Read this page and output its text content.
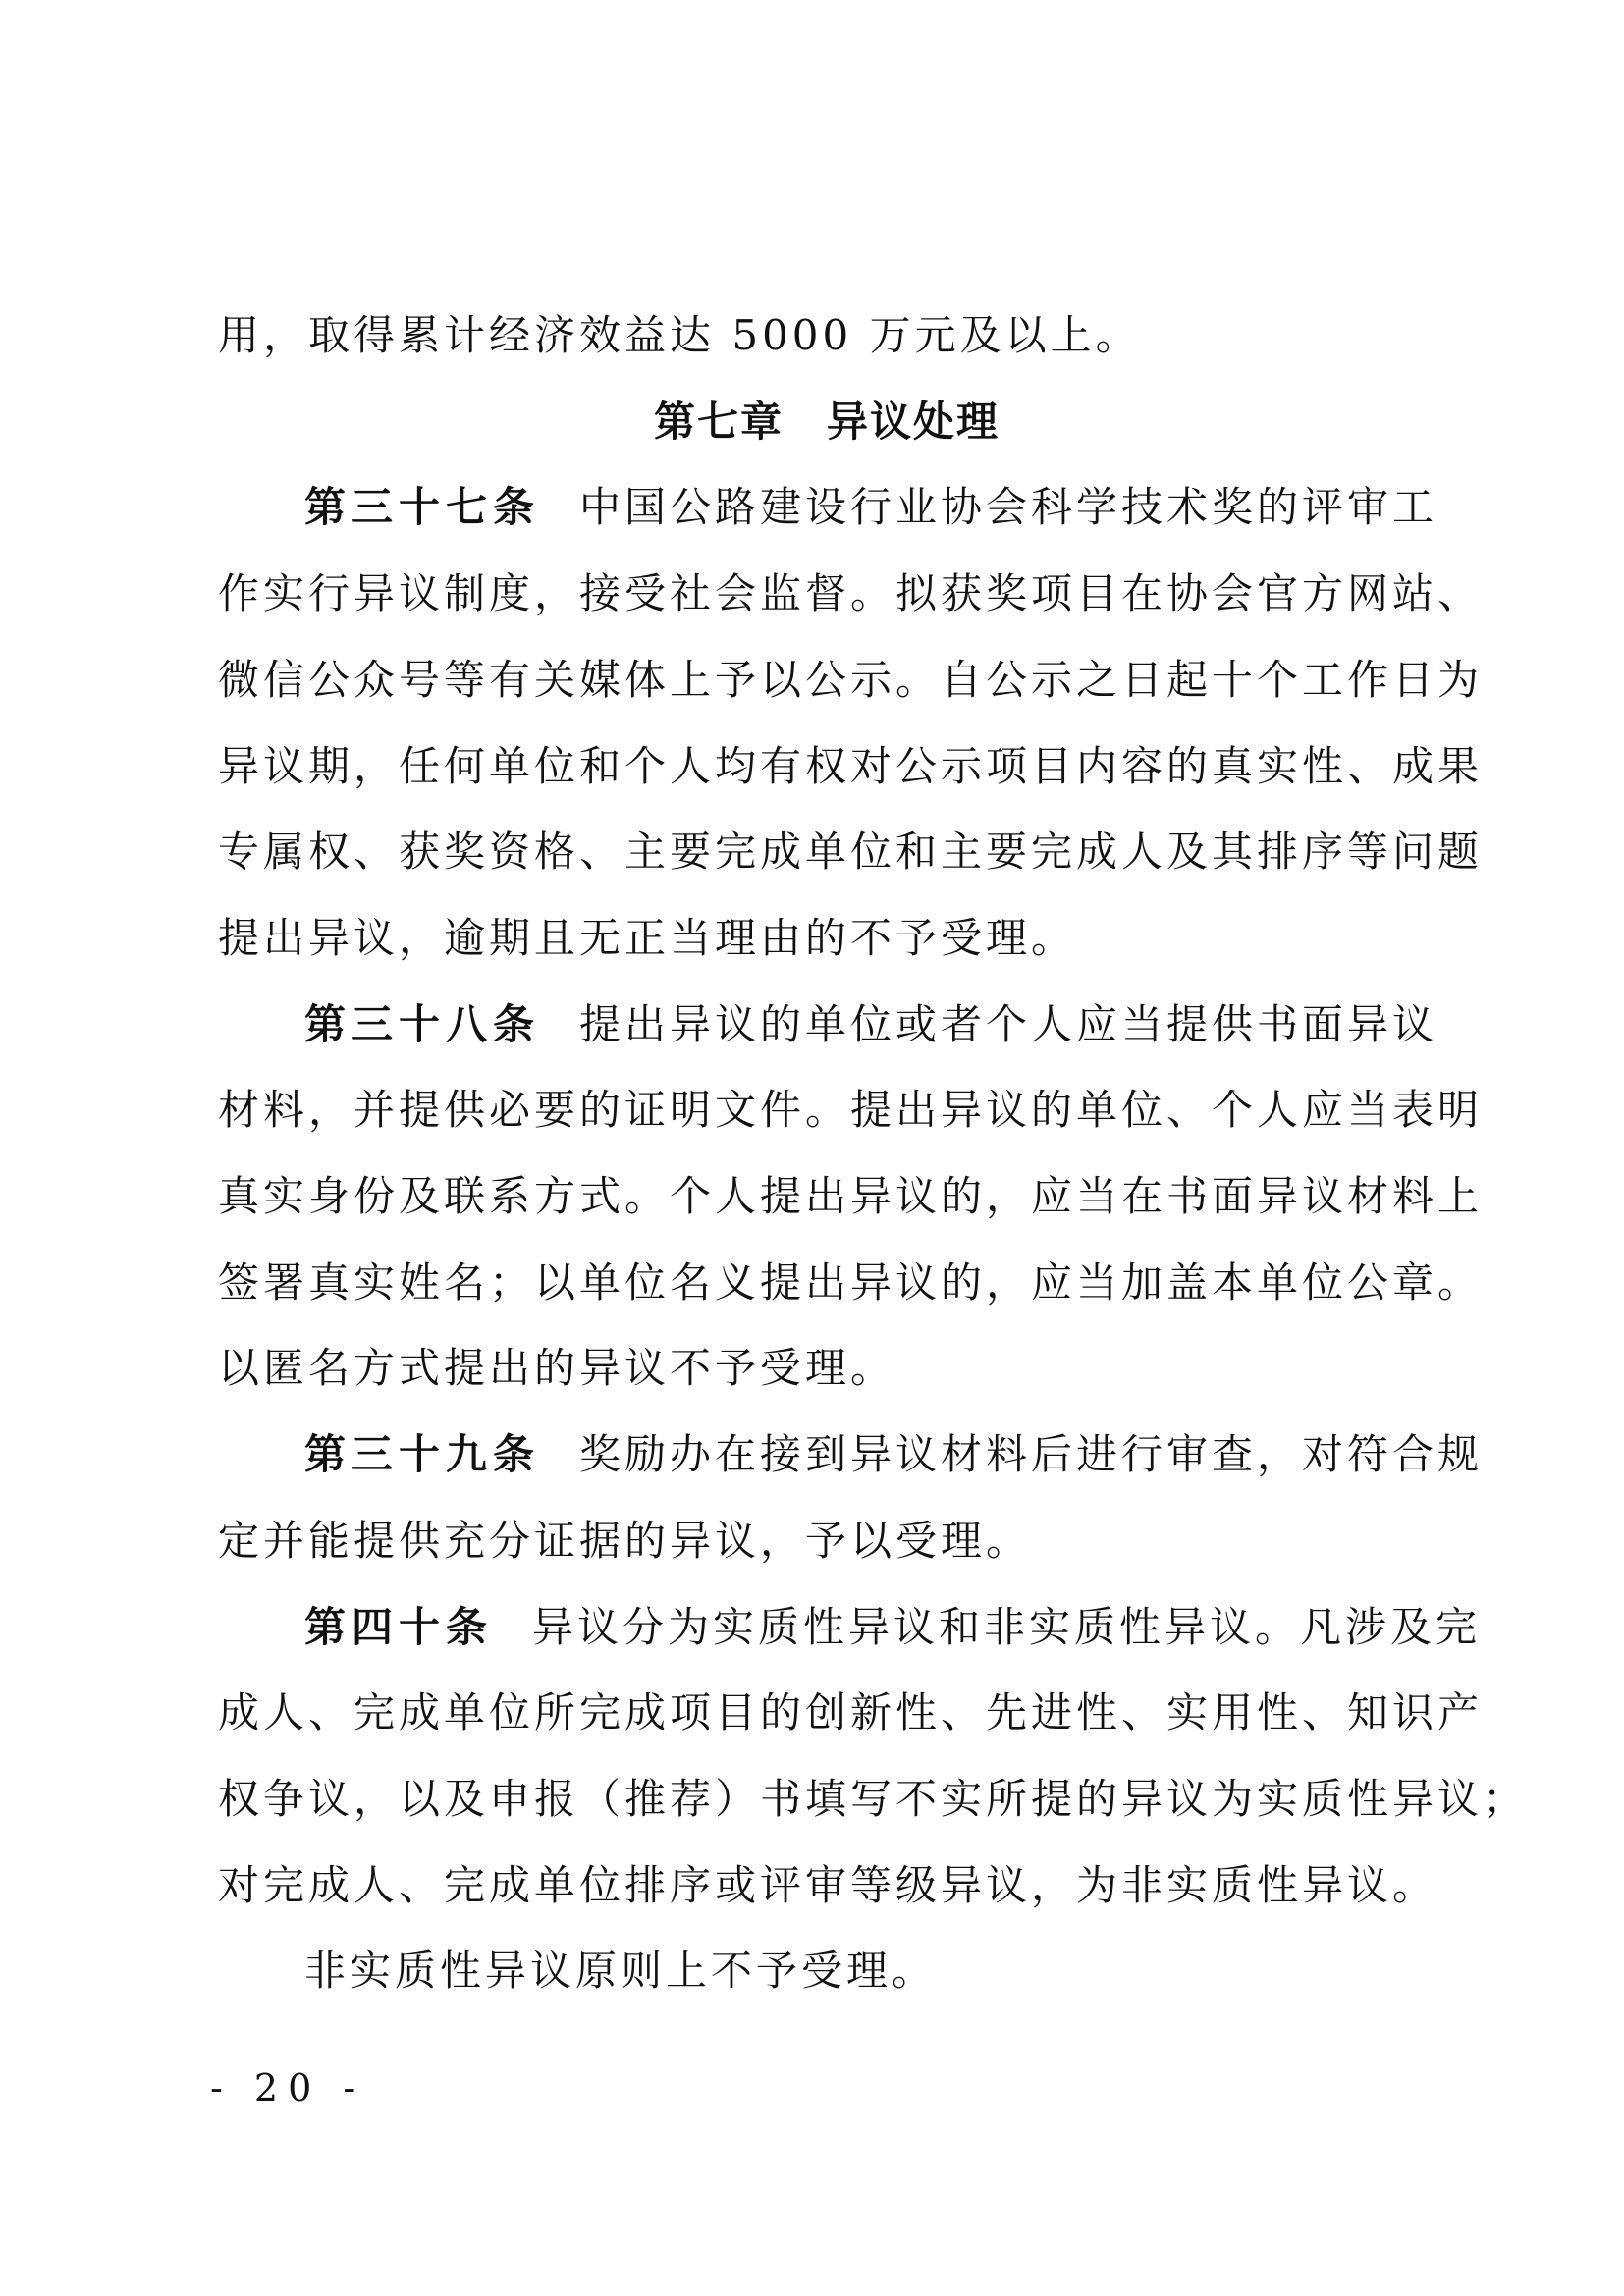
用，取得累计经济效益达 5000 万元及以上。
第七章　异议处理
第三十七条 中国公路建设行业协会科学技术奖的评审工
作实行异议制度，接受社会监督。拟获奖项目在协会官方网站、
微信公众号等有关媒体上予以公示。自公示之日起十个工作日为
异议期，任何单位和个人均有权对公示项目内容的真实性、成果
专属权、获奖资格、主要完成单位和主要完成人及其排序等问题
提出异议，逾期且无正当理由的不予受理。
第三十八条 提出异议的单位或者个人应当提供书面异议
材料，并提供必要的证明文件。提出异议的单位、个人应当表明
真实身份及联系方式。个人提出异议的，应当在书面异议材料上
签署真实姓名；以单位名义提出异议的，应当加盖本单位公章。
以匿名方式提出的异议不予受理。
第三十九条 奖励办在接到异议材料后进行审查，对符合规
定并能提供充分证据的异议，予以受理。
第四十条 异议分为实质性异议和非实质性异议。凡涉及完
成人、完成单位所完成项目的创新性、先进性、实用性、知识产
权争议，以及申报（推荐）书填写不实所提的异议为实质性异议；
对完成人、完成单位排序或评审等级异议，为非实质性异议。
非实质性异议原则上不予受理。
- 20 -
